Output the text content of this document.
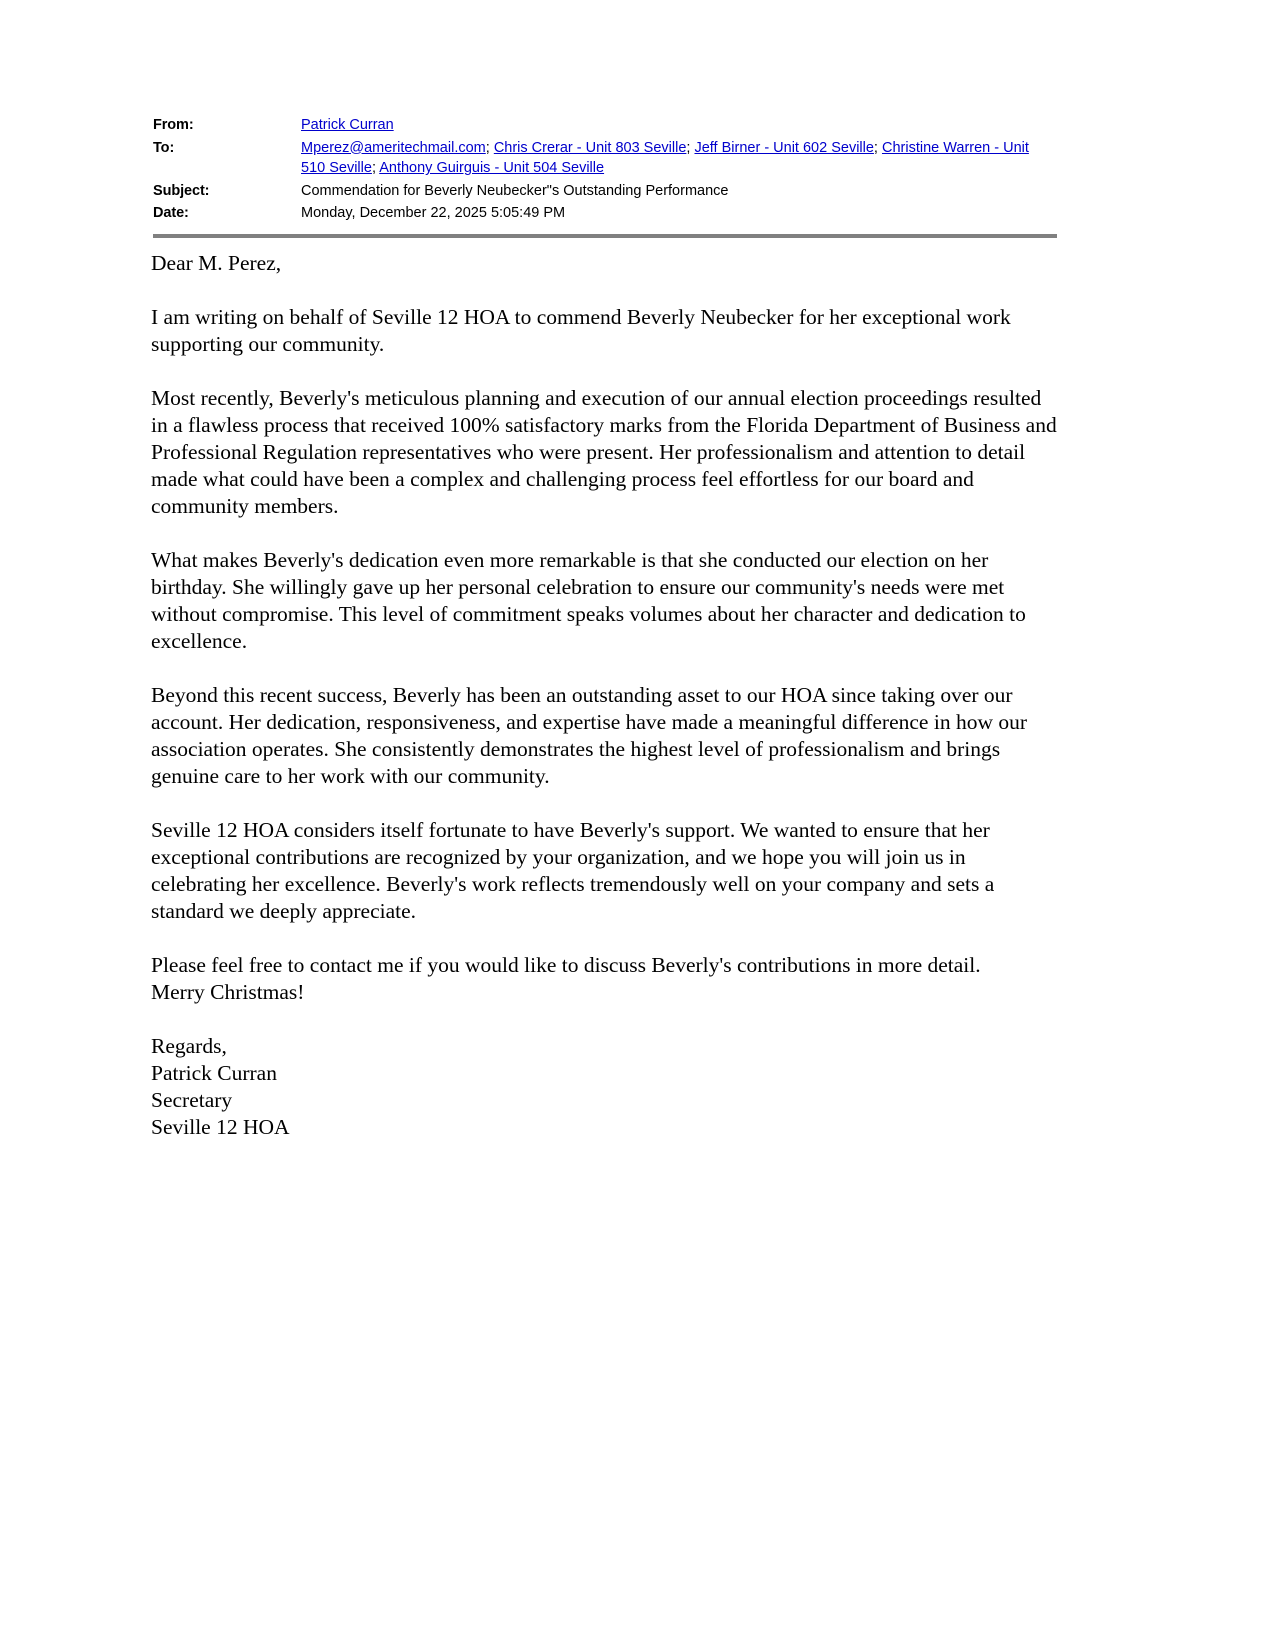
From:	Patrick Curran
To:	Mperez@ameritechmail.com; Chris Crerar - Unit 803 Seville; Jeff Birner - Unit 602 Seville; Christine Warren - Unit 510 Seville; Anthony Guirguis - Unit 504 Seville
Subject:	Commendation for Beverly Neubecker"s Outstanding Performance
Date:	Monday, December 22, 2025 5:05:49 PM

Dear M. Perez,

I am writing on behalf of Seville 12 HOA to commend Beverly Neubecker for her exceptional work supporting our community.

Most recently, Beverly's meticulous planning and execution of our annual election proceedings resulted in a flawless process that received 100% satisfactory marks from the Florida Department of Business and Professional Regulation representatives who were present. Her professionalism and attention to detail made what could have been a complex and challenging process feel effortless for our board and community members.

What makes Beverly's dedication even more remarkable is that she conducted our election on her birthday. She willingly gave up her personal celebration to ensure our community's needs were met without compromise. This level of commitment speaks volumes about her character and dedication to excellence.

Beyond this recent success, Beverly has been an outstanding asset to our HOA since taking over our account. Her dedication, responsiveness, and expertise have made a meaningful difference in how our association operates. She consistently demonstrates the highest level of professionalism and brings genuine care to her work with our community.

Seville 12 HOA considers itself fortunate to have Beverly's support. We wanted to ensure that her exceptional contributions are recognized by your organization, and we hope you will join us in celebrating her excellence. Beverly's work reflects tremendously well on your company and sets a standard we deeply appreciate.

Please feel free to contact me if you would like to discuss Beverly's contributions in more detail.
Merry Christmas!

Regards,
Patrick Curran
Secretary
Seville 12 HOA
